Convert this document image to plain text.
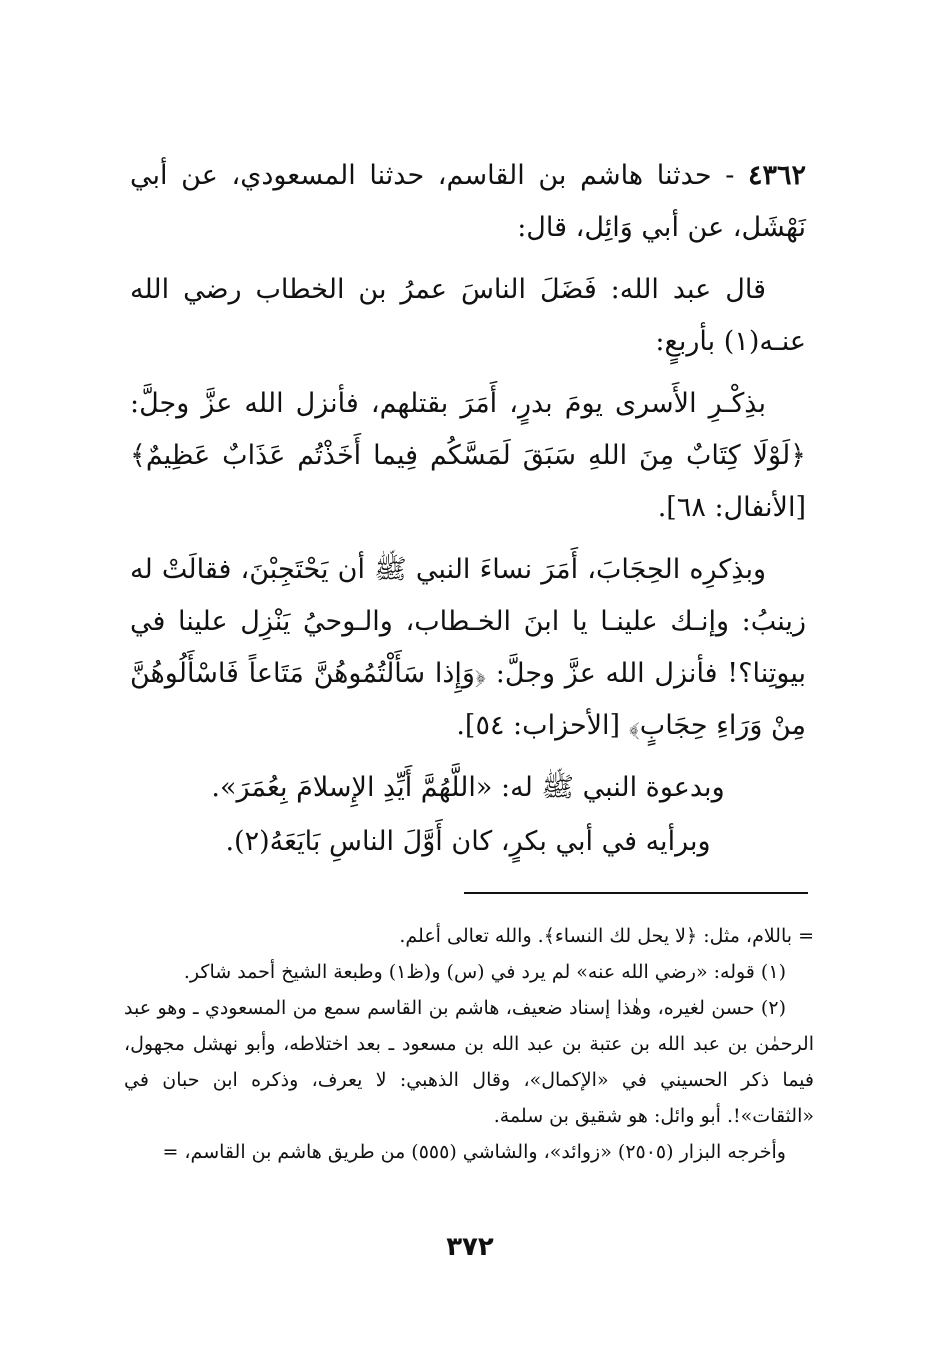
٤٣٦٢ - حدثنا هاشم بن القاسم، حدثنا المسعودي، عن أبي نَهْشَل، عن أبي وَائِل، قال:

قال عبد الله: فَضَلَ الناسَ عمرُ بن الخطاب رضي الله عنـه(١) بأربعٍ:

بذِكْـرِ الأَسرى يومَ بدرٍ، أَمَرَ بقتلهم، فأنزل الله عزَّ وجلَّ: ﴿لَوْلَا كِتَابٌ مِنَ اللهِ سَبَقَ لَمَسَّكُم فِيما أَخَذْتُم عَذَابٌ عَظِيمٌ﴾ [الأنفال: ٦٨].

وبذِكرِه الحِجَابَ، أَمَرَ نساءَ النبي ﷺ أن يَحْتَجِبْنَ، فقالَتْ له زينبُ: وإنـك علينـا يا ابنَ الخـطاب، والـوحيُ يَنْزِل علينا في بيوتِنا؟! فأنزل الله عزَّ وجلَّ: ﴿وَإِذا سَأَلْتُمُوهُنَّ مَتَاعاً فَاسْأَلُوهُنَّ مِنْ وَرَاءِ حِجَابٍ﴾ [الأحزاب: ٥٤].

وبدعوة النبي ﷺ له: «اللَّهُمَّ أَيِّدِ الإِسلامَ بِعُمَرَ».

وبرأيه في أبي بكرٍ، كان أَوَّلَ الناسِ بَايَعَهُ(٢).

= باللام، مثل: ﴿لا يحل لك النساء﴾. والله تعالى أعلم.

(١) قوله: «رضي الله عنه» لم يرد في (س) و(ظ١) وطبعة الشيخ أحمد شاكر.

(٢) حسن لغيره، وهٰذا إسناد ضعيف، هاشم بن القاسم سمع من المسعودي ـ وهو عبد الرحمٰن بن عبد الله بن عتبة بن عبد الله بن مسعود ـ بعد اختلاطه، وأبو نهشل مجهول، فيما ذكر الحسيني في «الإكمال»، وقال الذهبي: لا يعرف، وذكره ابن حبان في «الثقات»!. أبو وائل: هو شقيق بن سلمة.

وأخرجه البزار (٢٥٠٥) «زوائد»، والشاشي (٥٥٥) من طريق هاشم بن القاسم، =

٣٧٢
